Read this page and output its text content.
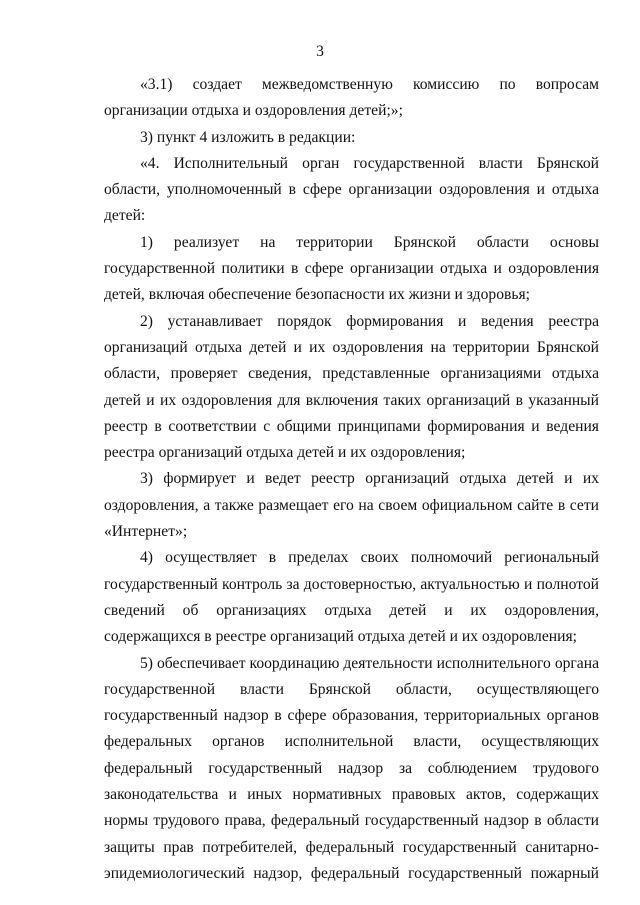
3

«3.1) создает межведомственную комиссию по вопросам организации отдыха и оздоровления детей;»;

3) пункт 4 изложить в редакции:

«4. Исполнительный орган государственной власти Брянской области, уполномоченный в сфере организации оздоровления и отдыха детей:

1) реализует на территории Брянской области основы государственной политики в сфере организации отдыха и оздоровления детей, включая обеспечение безопасности их жизни и здоровья;

2) устанавливает порядок формирования и ведения реестра организаций отдыха детей и их оздоровления на территории Брянской области, проверяет сведения, представленные организациями отдыха детей и их оздоровления для включения таких организаций в указанный реестр в соответствии с общими принципами формирования и ведения реестра организаций отдыха детей и их оздоровления;

3) формирует и ведет реестр организаций отдыха детей и их оздоровления, а также размещает его на своем официальном сайте в сети «Интернет»;

4) осуществляет в пределах своих полномочий региональный государственный контроль за достоверностью, актуальностью и полнотой сведений об организациях отдыха детей и их оздоровления, содержащихся в реестре организаций отдыха детей и их оздоровления;

5) обеспечивает координацию деятельности исполнительного органа государственной власти Брянской области, осуществляющего государственный надзор в сфере образования, территориальных органов федеральных органов исполнительной власти, осуществляющих федеральный государственный надзор за соблюдением трудового законодательства и иных нормативных правовых актов, содержащих нормы трудового права, федеральный государственный надзор в области защиты прав потребителей, федеральный государственный санитарно-эпидемиологический надзор, федеральный государственный пожарный
